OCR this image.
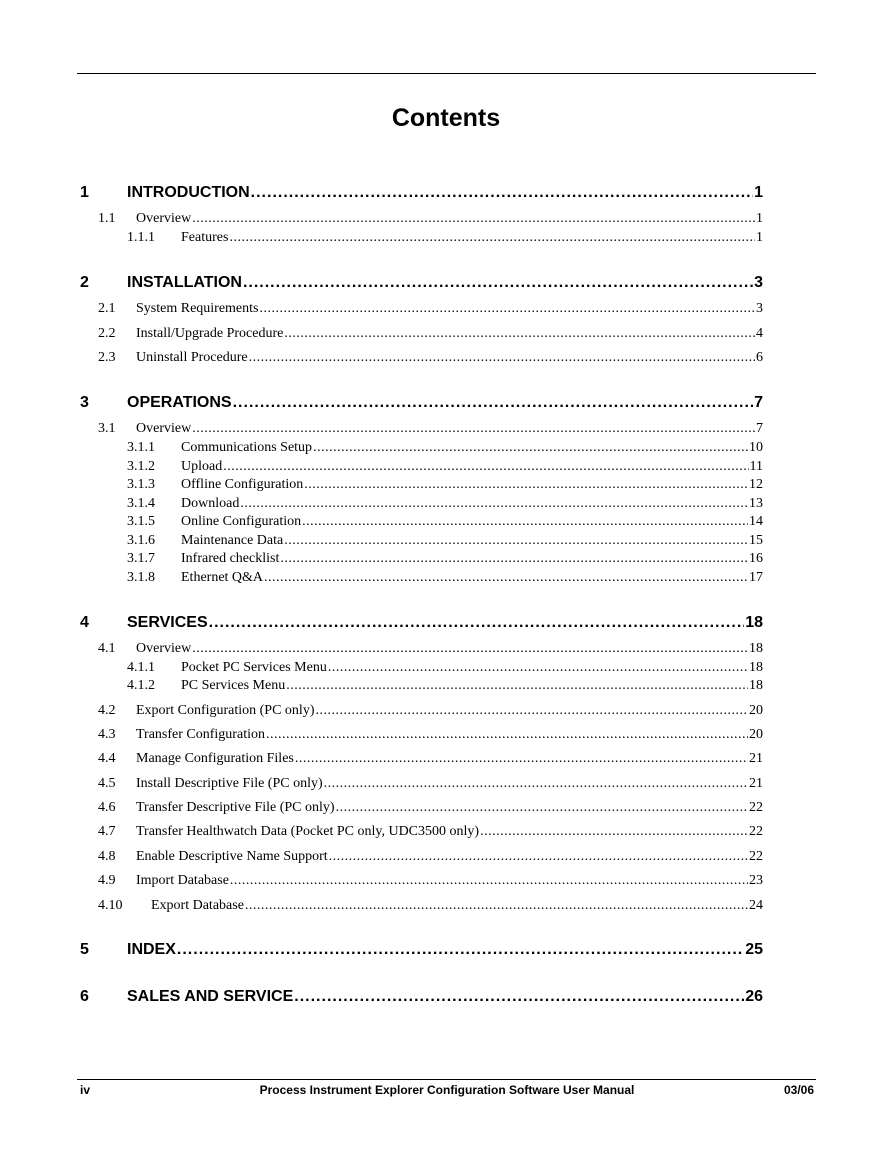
Contents
1	INTRODUCTION .....	1
1.1	Overview .....	1
1.1.1	Features .....	1
2	INSTALLATION .....	3
2.1	System Requirements .....	3
2.2	Install/Upgrade Procedure .....	4
2.3	Uninstall Procedure .....	6
3	OPERATIONS .....	7
3.1	Overview .....	7
3.1.1	Communications Setup .....	10
3.1.2	Upload .....	11
3.1.3	Offline Configuration .....	12
3.1.4	Download .....	13
3.1.5	Online Configuration .....	14
3.1.6	Maintenance Data .....	15
3.1.7	Infrared checklist .....	16
3.1.8	Ethernet Q&A .....	17
4	SERVICES .....	18
4.1	Overview .....	18
4.1.1	Pocket PC Services Menu .....	18
4.1.2	PC Services Menu .....	18
4.2	Export Configuration (PC only) .....	20
4.3	Transfer Configuration .....	20
4.4	Manage Configuration Files .....	21
4.5	Install Descriptive File (PC only) .....	21
4.6	Transfer Descriptive File (PC only) .....	22
4.7	Transfer Healthwatch Data (Pocket PC only, UDC3500 only) .....	22
4.8	Enable Descriptive Name Support .....	22
4.9	Import Database .....	23
4.10	Export Database .....	24
5	INDEX .....	25
6	SALES AND SERVICE .....	26
iv	Process Instrument Explorer Configuration Software User Manual	03/06
